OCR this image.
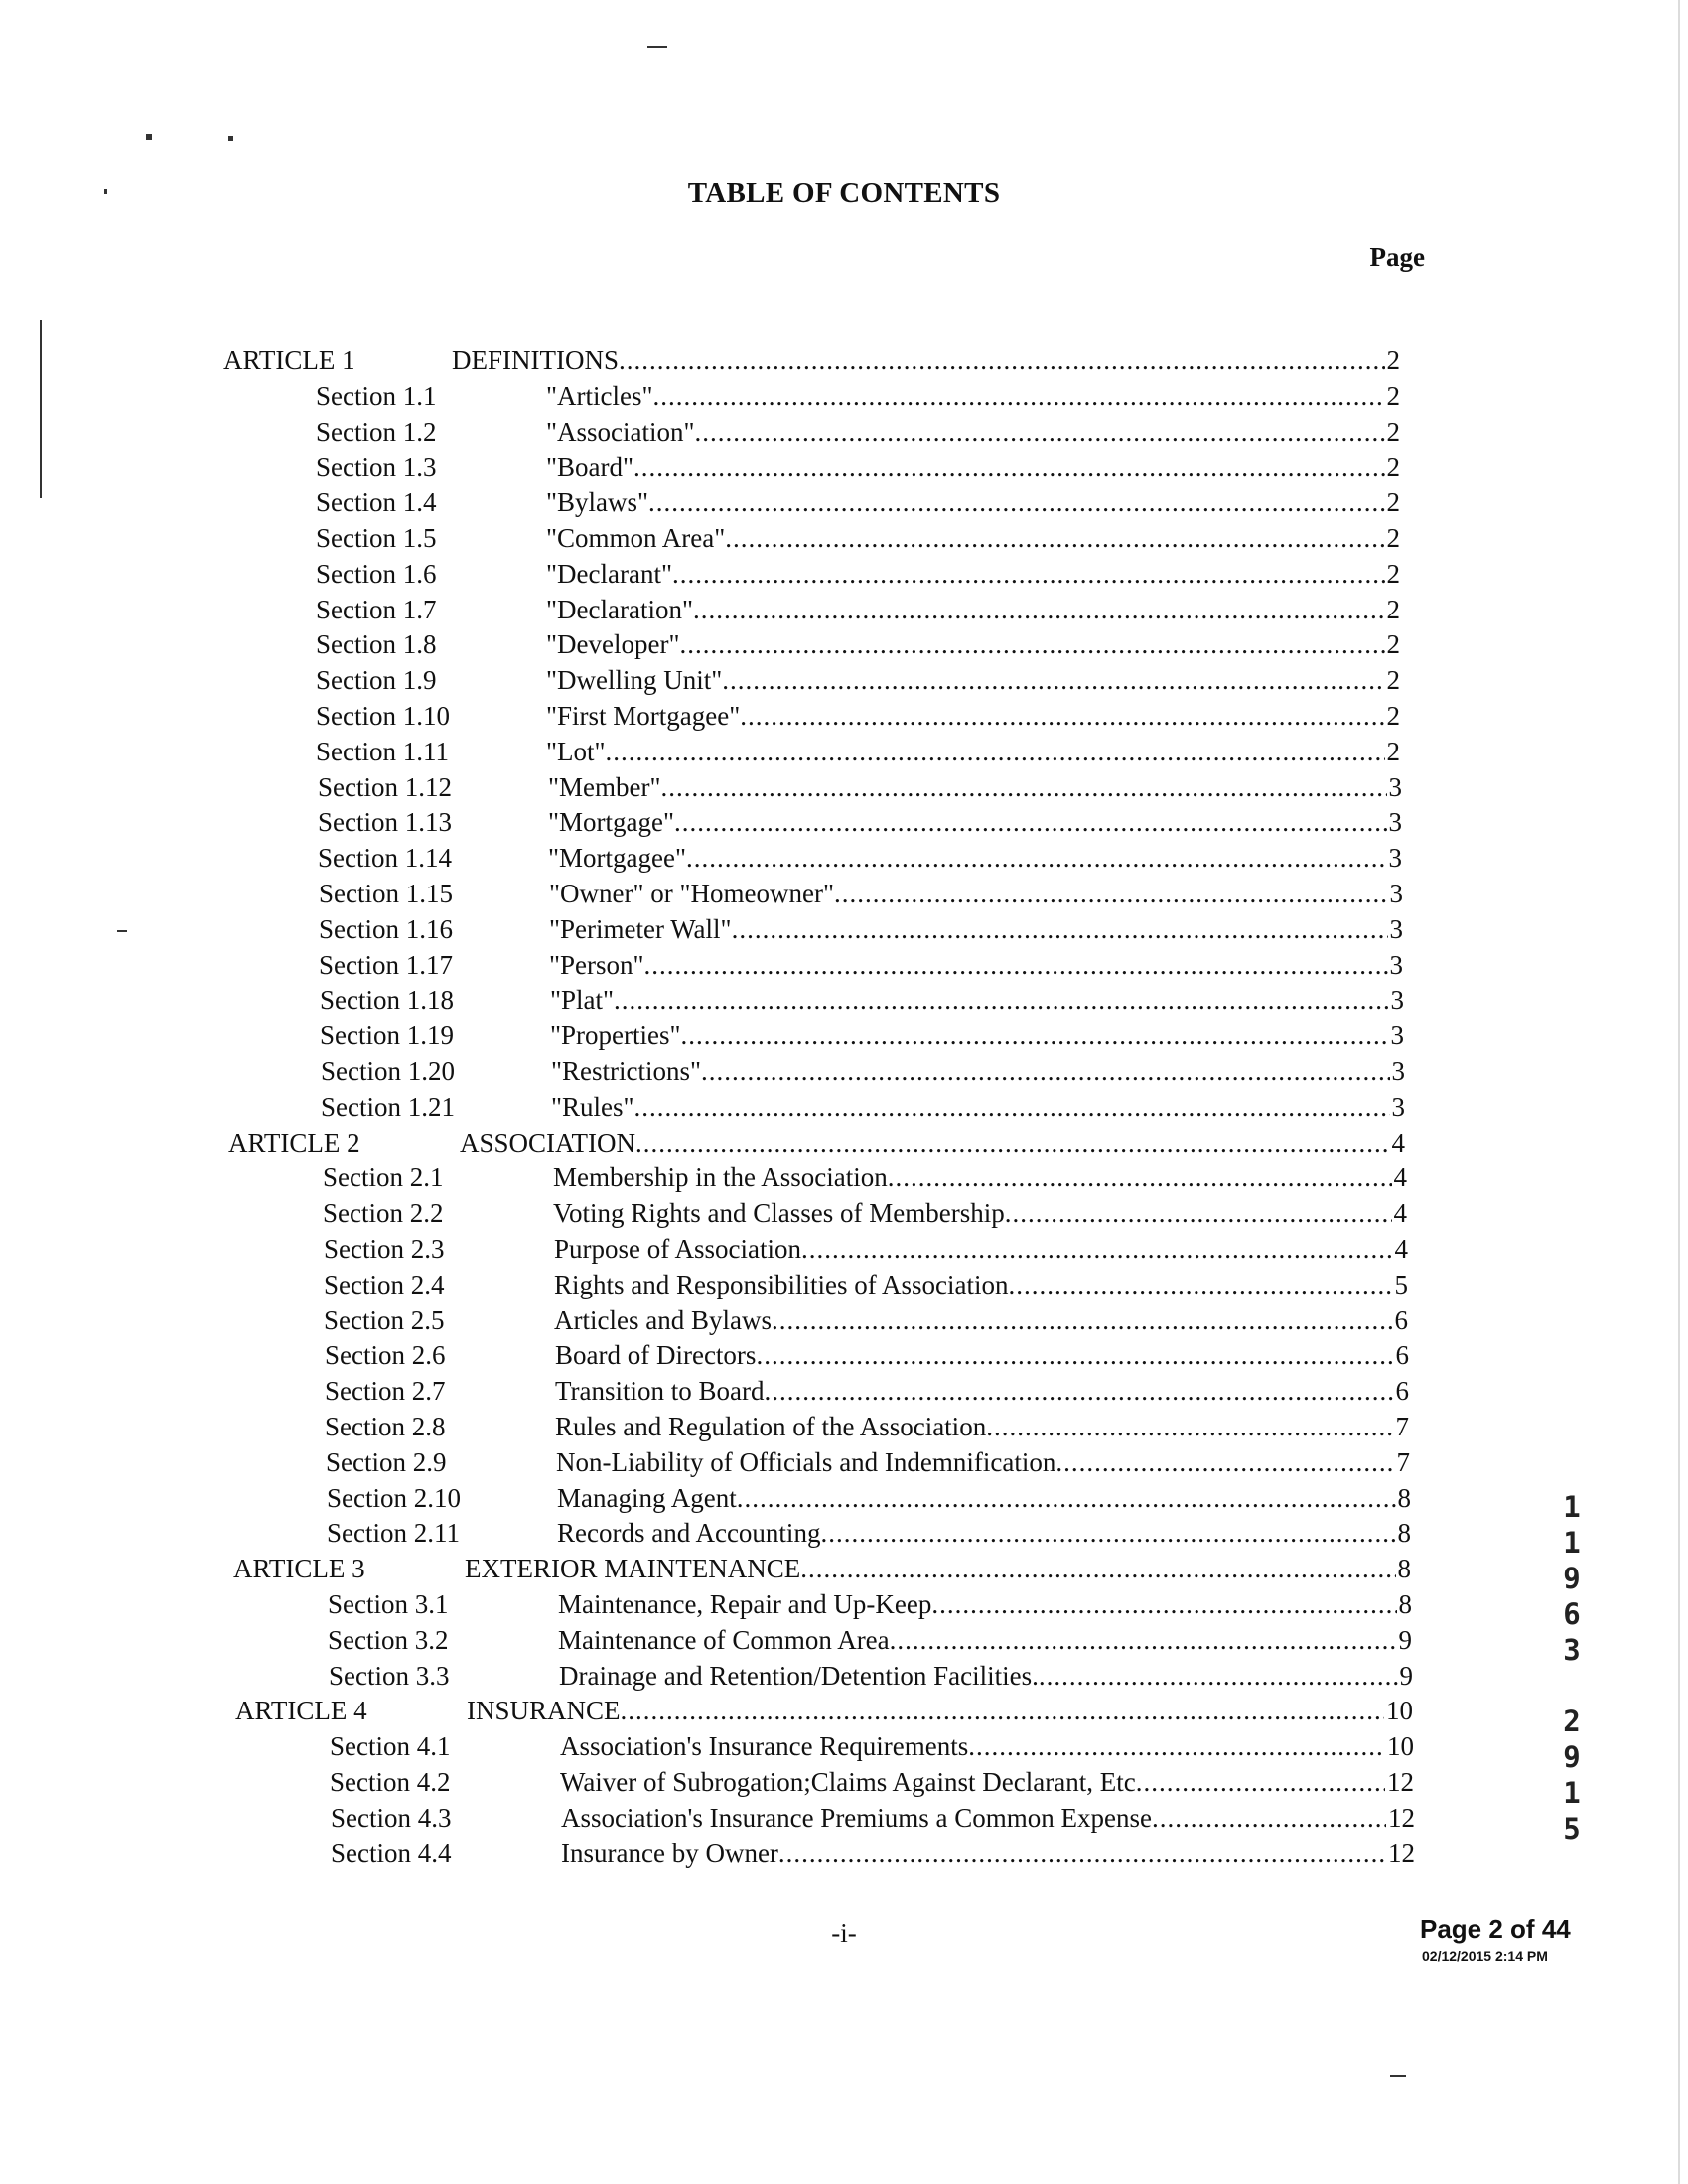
TABLE OF CONTENTS
Page
ARTICLE 1	DEFINITIONS .....	2
Section 1.1	"Articles" .....	2
Section 1.2	"Association" .....	2
Section 1.3	"Board" .....	2
Section 1.4	"Bylaws" .....	2
Section 1.5	"Common Area" .....	2
Section 1.6	"Declarant" .....	2
Section 1.7	"Declaration" .....	2
Section 1.8	"Developer" .....	2
Section 1.9	"Dwelling Unit" .....	2
Section 1.10	"First Mortgagee" .....	2
Section 1.11	"Lot" .....	2
Section 1.12	"Member" .....	3
Section 1.13	"Mortgage" .....	3
Section 1.14	"Mortgagee" .....	3
Section 1.15	"Owner" or "Homeowner" .....	3
Section 1.16	"Perimeter Wall" .....	3
Section 1.17	"Person" .....	3
Section 1.18	"Plat" .....	3
Section 1.19	"Properties" .....	3
Section 1.20	"Restrictions" .....	3
Section 1.21	"Rules" .....	3
ARTICLE 2	ASSOCIATION .....	4
Section 2.1	Membership in the Association .....	4
Section 2.2	Voting Rights and Classes of Membership .....	4
Section 2.3	Purpose of Association .....	4
Section 2.4	Rights and Responsibilities of Association .....	5
Section 2.5	Articles and Bylaws .....	6
Section 2.6	Board of Directors .....	6
Section 2.7	Transition to Board .....	6
Section 2.8	Rules and Regulation of the Association .....	7
Section 2.9	Non-Liability of Officials and Indemnification .....	7
Section 2.10	Managing Agent .....	8
Section 2.11	Records and Accounting .....	8
ARTICLE 3	EXTERIOR MAINTENANCE .....	8
Section 3.1	Maintenance, Repair and Up-Keep .....	8
Section 3.2	Maintenance of Common Area .....	9
Section 3.3	Drainage and Retention/Detention Facilities. .....	9
ARTICLE 4	INSURANCE .....	10
Section 4.1	Association's Insurance Requirements .....	10
Section 4.2	Waiver of Subrogation;Claims Against Declarant, Etc .....	12
Section 4.3	Association's Insurance Premiums a Common Expense .....	12
Section 4.4	Insurance by Owner .....	12
1
1
9
6
3
2
9
1
5
-i-	Page 2 of 44
02/12/2015 2:14 PM
